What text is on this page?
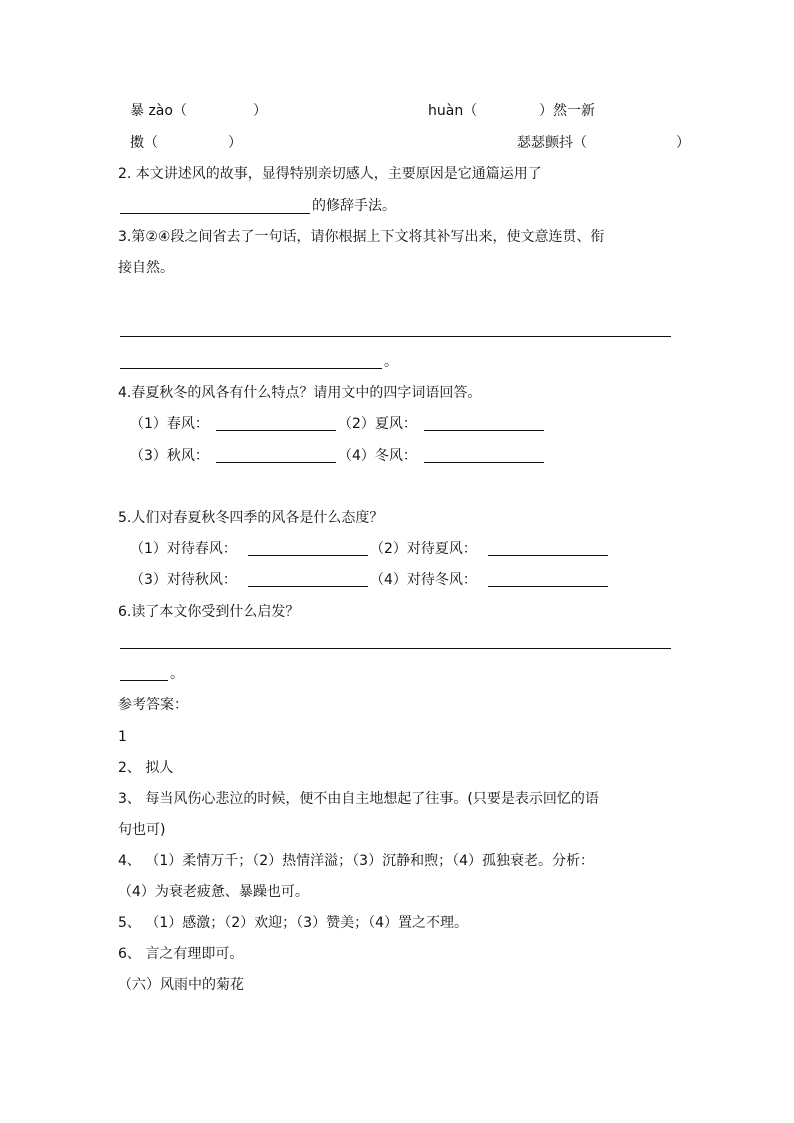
暴 zào（	）	huàn（	）然一新
擞（	）	瑟瑟颤抖（	）
2. 本文讲述风的故事，显得特别亲切感人，主要原因是它通篇运用了
的修辞手法。
3.第②④段之间省去了一句话，请你根据上下文将其补写出来，使文意连贯、衔
接自然。
。
4.春夏秋冬的风各有什么特点？请用文中的四字词语回答。
（1）春风：	（2）夏风：
（3）秋风：	（4）冬风：
5.人们对春夏秋冬四季的风各是什么态度？
（1）对待春风：	（2）对待夏风：
（3）对待秋风：	（4）对待冬风：
6.读了本文你受到什么启发？
。
参考答案：
1
2、 拟人
3、 每当风伤心悲泣的时候，便不由自主地想起了往事。(只要是表示回忆的语
句也可)
4、 （1）柔情万千；（2）热情洋溢；（3）沉静和煦；（4）孤独衰老。分析：
（4）为衰老疲惫、暴躁也可。
5、 （1）感激；（2）欢迎；（3）赞美；（4）置之不理。
6、 言之有理即可。
（六）风雨中的菊花
